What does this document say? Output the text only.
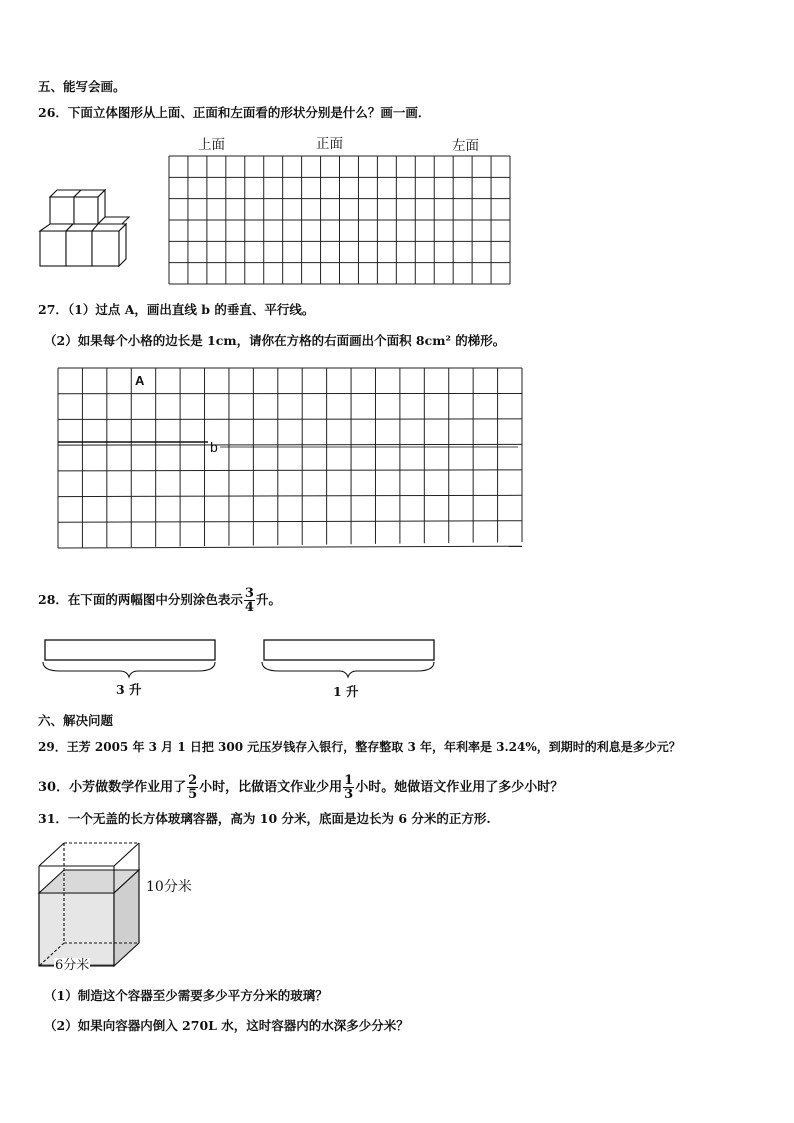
五、能写会画。
26．下面立体图形从上面、正面和左面看的形状分别是什么？画一画．
上面	正面	左面
27．（1）过点 A，画出直线 b 的垂直、平行线。
（2）如果每个小格的边长是 1cm，请你在方格的右面画出个面积 8cm² 的梯形。
A
b
28．在下面的两幅图中分别涂色表示 $\frac{3}{4}$ 升。
3 升	1 升
六、解决问题
29．王芳 2005 年 3 月 1 日把 300 元压岁钱存入银行，整存整取 3 年，年利率是 3.24%，到期时的利息是多少元？
30．小芳做数学作业用了 $\frac{2}{5}$ 小时，比做语文作业少用 $\frac{1}{3}$ 小时。她做语文作业用了多少小时？
31．一个无盖的长方体玻璃容器，高为 10 分米，底面是边长为 6 分米的正方形.
10分米
6分米
（1）制造这个容器至少需要多少平方分米的玻璃？
（2）如果向容器内倒入 270L 水，这时容器内的水深多少分米？
